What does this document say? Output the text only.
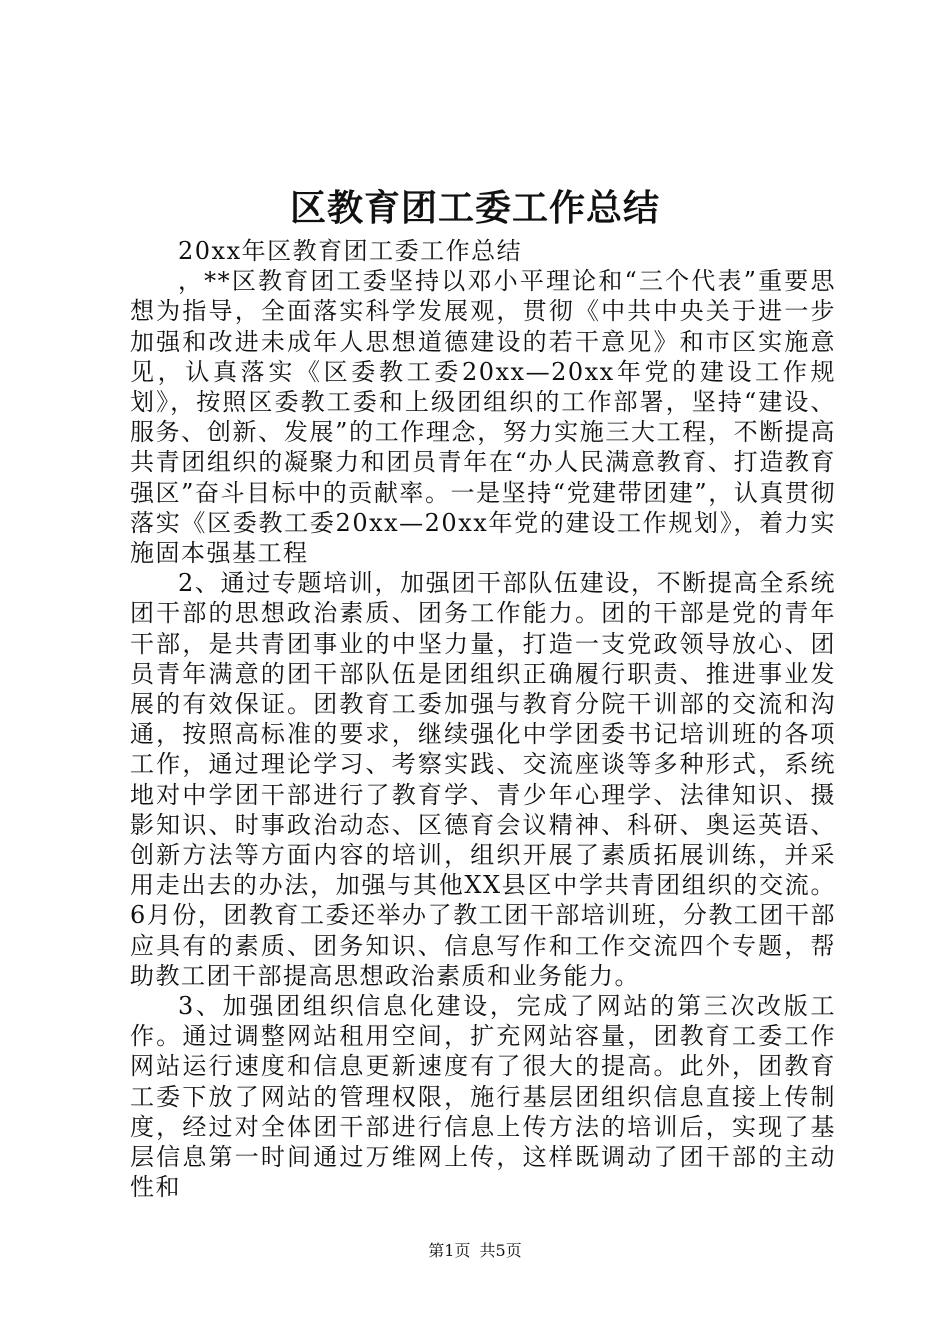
区教育团工委工作总结

20xx年区教育团工委工作总结

，**区教育团工委坚持以邓小平理论和“三个代表”重要思想为指导，全面落实科学发展观，贯彻《中共中央关于进一步加强和改进未成年人思想道德建设的若干意见》和市区实施意见，认真落实《区委教工委20xx—20xx年党的建设工作规划》，按照区委教工委和上级团组织的工作部署，坚持“建设、服务、创新、发展”的工作理念，努力实施三大工程，不断提高共青团组织的凝聚力和团员青年在“办人民满意教育、打造教育强区”奋斗目标中的贡献率。一是坚持“党建带团建”，认真贯彻落实《区委教工委20xx—20xx年党的建设工作规划》，着力实施固本强基工程

2、通过专题培训，加强团干部队伍建设，不断提高全系统团干部的思想政治素质、团务工作能力。团的干部是党的青年干部，是共青团事业的中坚力量，打造一支党政领导放心、团员青年满意的团干部队伍是团组织正确履行职责、推进事业发展的有效保证。团教育工委加强与教育分院干训部的交流和沟通，按照高标准的要求，继续强化中学团委书记培训班的各项工作，通过理论学习、考察实践、交流座谈等多种形式，系统地对中学团干部进行了教育学、青少年心理学、法律知识、摄影知识、时事政治动态、区德育会议精神、科研、奥运英语、创新方法等方面内容的培训，组织开展了素质拓展训练，并采用走出去的办法，加强与其他XX县区中学共青团组织的交流。6月份，团教育工委还举办了教工团干部培训班，分教工团干部应具有的素质、团务知识、信息写作和工作交流四个专题，帮助教工团干部提高思想政治素质和业务能力。

3、加强团组织信息化建设，完成了网站的第三次改版工作。通过调整网站租用空间，扩充网站容量，团教育工委工作网站运行速度和信息更新速度有了很大的提高。此外，团教育工委下放了网站的管理权限，施行基层团组织信息直接上传制度，经过对全体团干部进行信息上传方法的培训后，实现了基层信息第一时间通过万维网上传，这样既调动了团干部的主动性和

第1页 共5页
